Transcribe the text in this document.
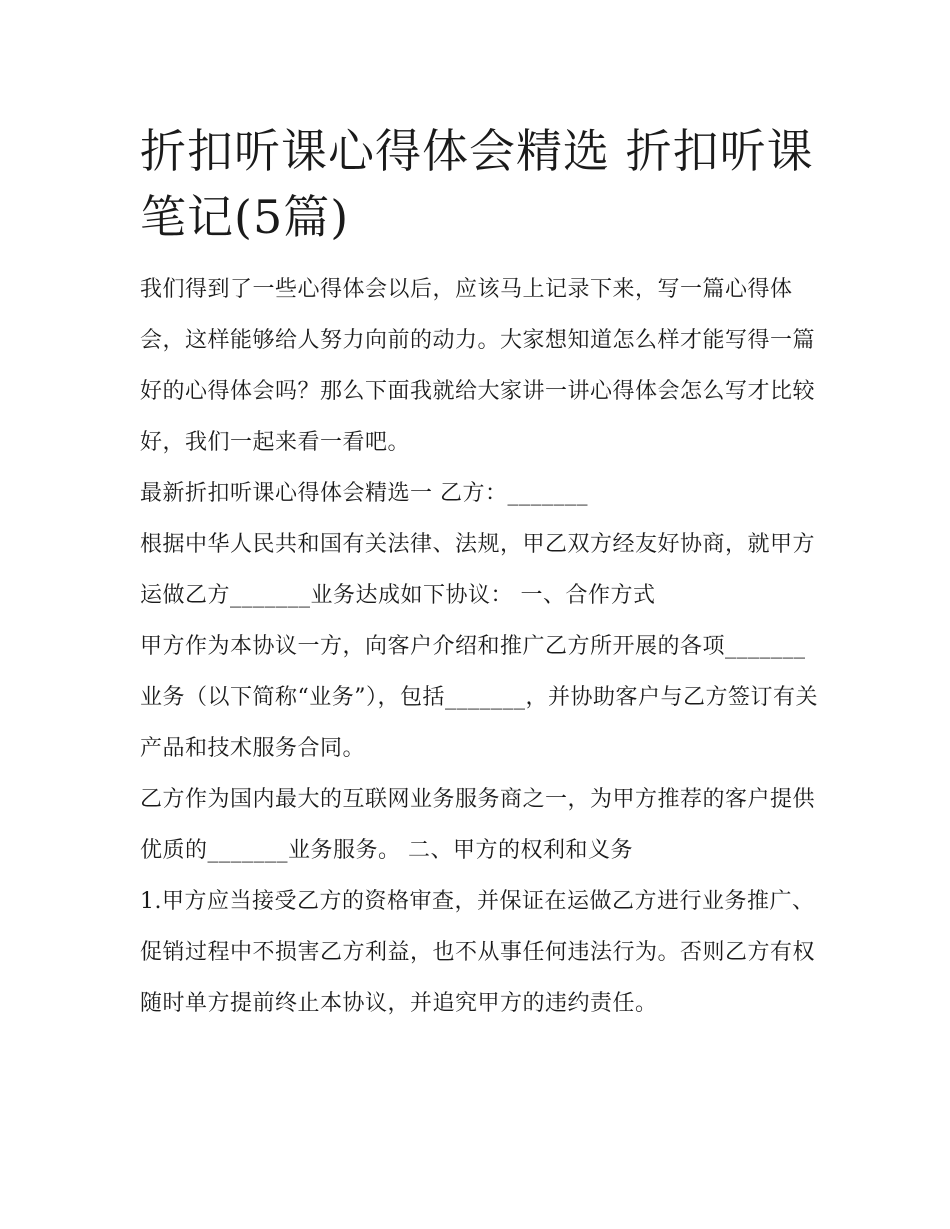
折扣听课心得体会精选 折扣听课笔记(5篇)

我们得到了一些心得体会以后，应该马上记录下来，写一篇心得体会，这样能够给人努力向前的动力。大家想知道怎么样才能写得一篇好的心得体会吗？那么下面我就给大家讲一讲心得体会怎么写才比较好，我们一起来看一看吧。

最新折扣听课心得体会精选一 乙方：_______

根据中华人民共和国有关法律、法规，甲乙双方经友好协商，就甲方运做乙方_______业务达成如下协议： 一、合作方式

甲方作为本协议一方，向客户介绍和推广乙方所开展的各项_______业务（以下简称“业务”），包括_______，并协助客户与乙方签订有关产品和技术服务合同。

乙方作为国内最大的互联网业务服务商之一，为甲方推荐的客户提供优质的_______业务服务。 二、甲方的权利和义务

1.甲方应当接受乙方的资格审查，并保证在运做乙方进行业务推广、促销过程中不损害乙方利益，也不从事任何违法行为。否则乙方有权随时单方提前终止本协议，并追究甲方的违约责任。
